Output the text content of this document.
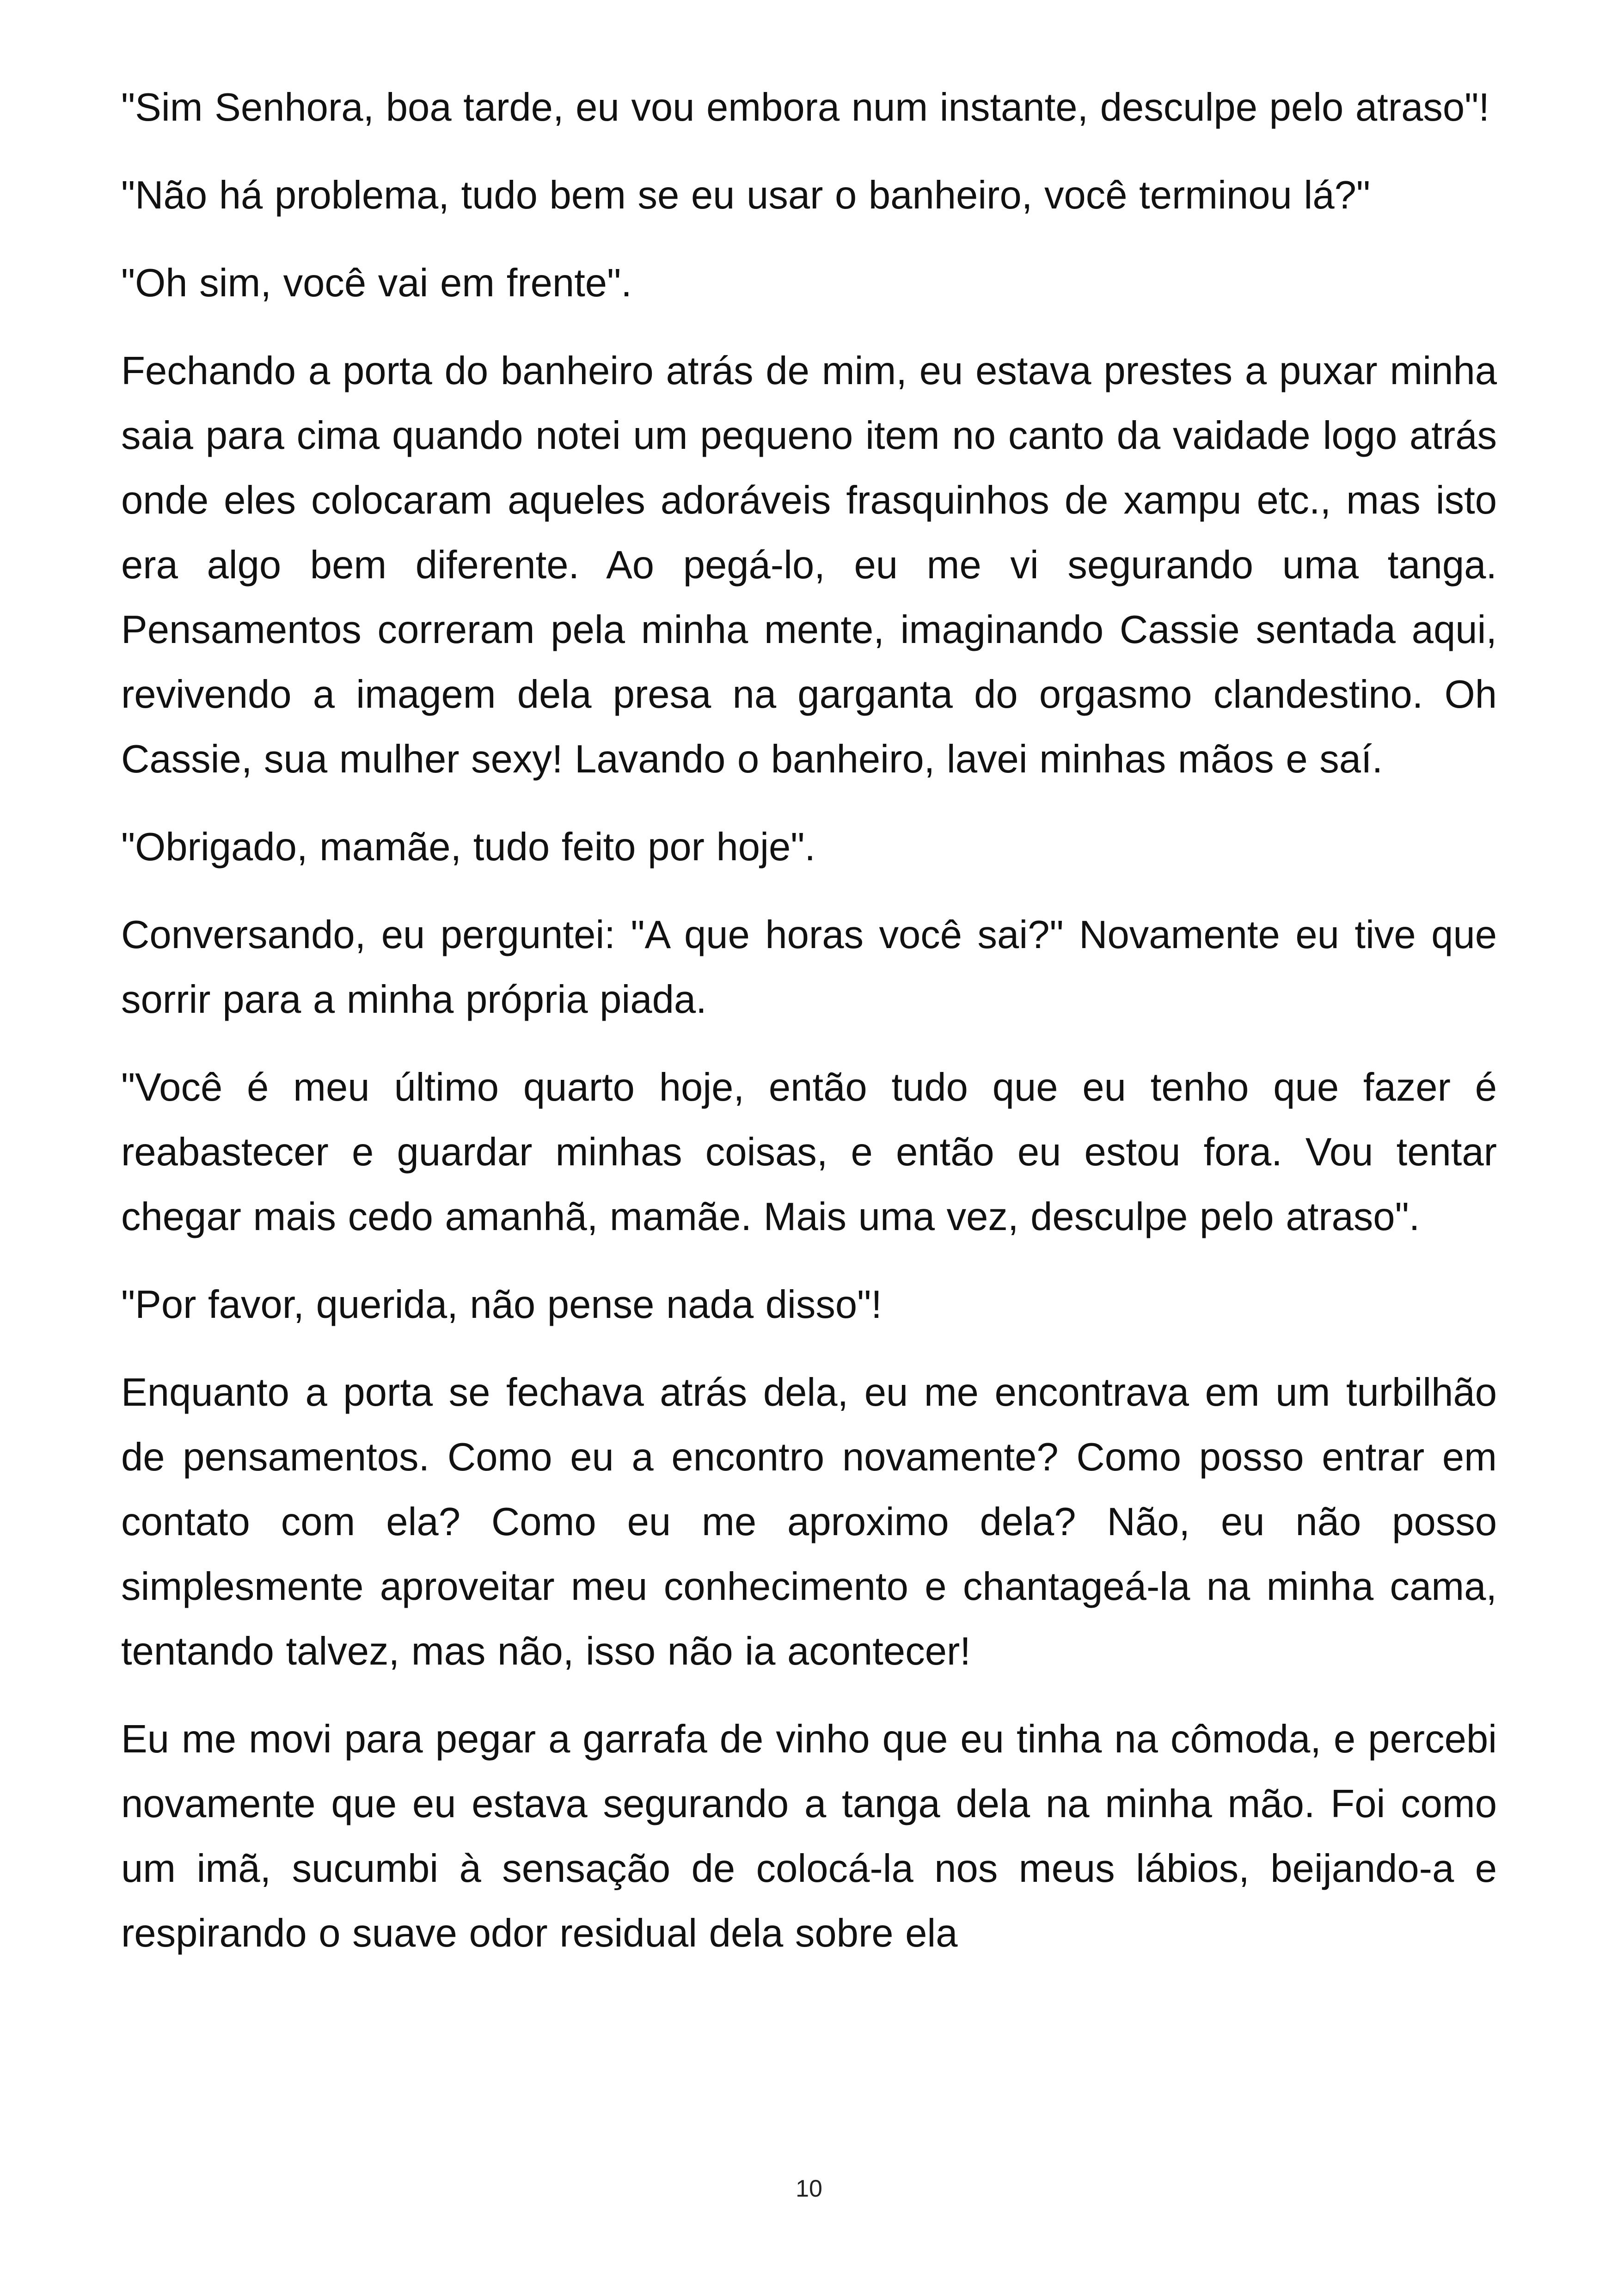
"Sim Senhora, boa tarde, eu vou embora num instante, desculpe pelo atraso"!

"Não há problema, tudo bem se eu usar o banheiro, você terminou lá?"

"Oh sim, você vai em frente".

Fechando a porta do banheiro atrás de mim, eu estava prestes a puxar minha saia para cima quando notei um pequeno item no canto da vaidade logo atrás onde eles colocaram aqueles adoráveis frasquinhos de xampu etc., mas isto era algo bem diferente. Ao pegá-lo, eu me vi segurando uma tanga. Pensamentos correram pela minha mente, imaginando Cassie sentada aqui, revivendo a imagem dela presa na garganta do orgasmo clandestino. Oh Cassie, sua mulher sexy! Lavando o banheiro, lavei minhas mãos e saí.

"Obrigado, mamãe, tudo feito por hoje".

Conversando, eu perguntei: "A que horas você sai?" Novamente eu tive que sorrir para a minha própria piada.

"Você é meu último quarto hoje, então tudo que eu tenho que fazer é reabastecer e guardar minhas coisas, e então eu estou fora. Vou tentar chegar mais cedo amanhã, mamãe. Mais uma vez, desculpe pelo atraso".

"Por favor, querida, não pense nada disso"!

Enquanto a porta se fechava atrás dela, eu me encontrava em um turbilhão de pensamentos. Como eu a encontro novamente? Como posso entrar em contato com ela? Como eu me aproximo dela? Não, eu não posso simplesmente aproveitar meu conhecimento e chantageá-la na minha cama, tentando talvez, mas não, isso não ia acontecer!

Eu me movi para pegar a garrafa de vinho que eu tinha na cômoda, e percebi novamente que eu estava segurando a tanga dela na minha mão. Foi como um imã, sucumbi à sensação de colocá-la nos meus lábios, beijando-a e respirando o suave odor residual dela sobre ela

10
